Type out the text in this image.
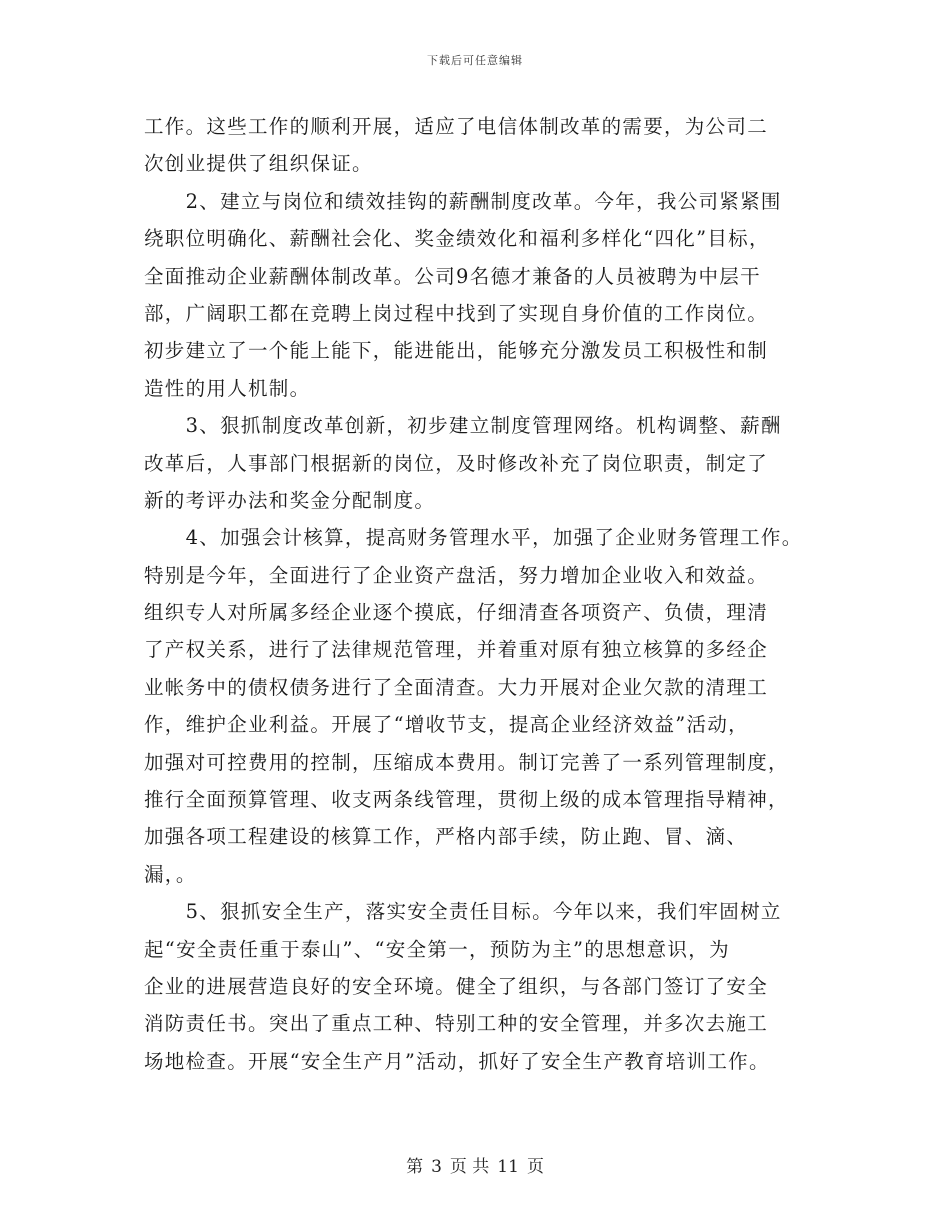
下载后可任意编辑
工作。这些工作的顺利开展，适应了电信体制改革的需要，为公司二
次创业提供了组织保证。
　　2、建立与岗位和绩效挂钩的薪酬制度改革。今年，我公司紧紧围
绕职位明确化、薪酬社会化、奖金绩效化和福利多样化“四化”目标，
全面推动企业薪酬体制改革。公司9名德才兼备的人员被聘为中层干
部，广阔职工都在竞聘上岗过程中找到了实现自身价值的工作岗位。
初步建立了一个能上能下，能进能出，能够充分激发员工积极性和制
造性的用人机制。
　　3、狠抓制度改革创新，初步建立制度管理网络。机构调整、薪酬
改革后，人事部门根据新的岗位，及时修改补充了岗位职责，制定了
新的考评办法和奖金分配制度。
　　4、加强会计核算，提高财务管理水平，加强了企业财务管理工作。
特别是今年，全面进行了企业资产盘活，努力增加企业收入和效益。
组织专人对所属多经企业逐个摸底，仔细清查各项资产、负债，理清
了产权关系，进行了法律规范管理，并着重对原有独立核算的多经企
业帐务中的债权债务进行了全面清查。大力开展对企业欠款的清理工
作，维护企业利益。开展了“增收节支，提高企业经济效益”活动，
加强对可控费用的控制，压缩成本费用。制订完善了一系列管理制度，
推行全面预算管理、收支两条线管理，贯彻上级的成本管理指导精神，
加强各项工程建设的核算工作，严格内部手续，防止跑、冒、滴、
漏，。
　　5、狠抓安全生产，落实安全责任目标。今年以来，我们牢固树立
起“安全责任重于泰山”、“安全第一，预防为主”的思想意识，为
企业的进展营造良好的安全环境。健全了组织，与各部门签订了安全
消防责任书。突出了重点工种、特别工种的安全管理，并多次去施工
场地检查。开展“安全生产月”活动，抓好了安全生产教育培训工作。
第 3 页 共 11 页
